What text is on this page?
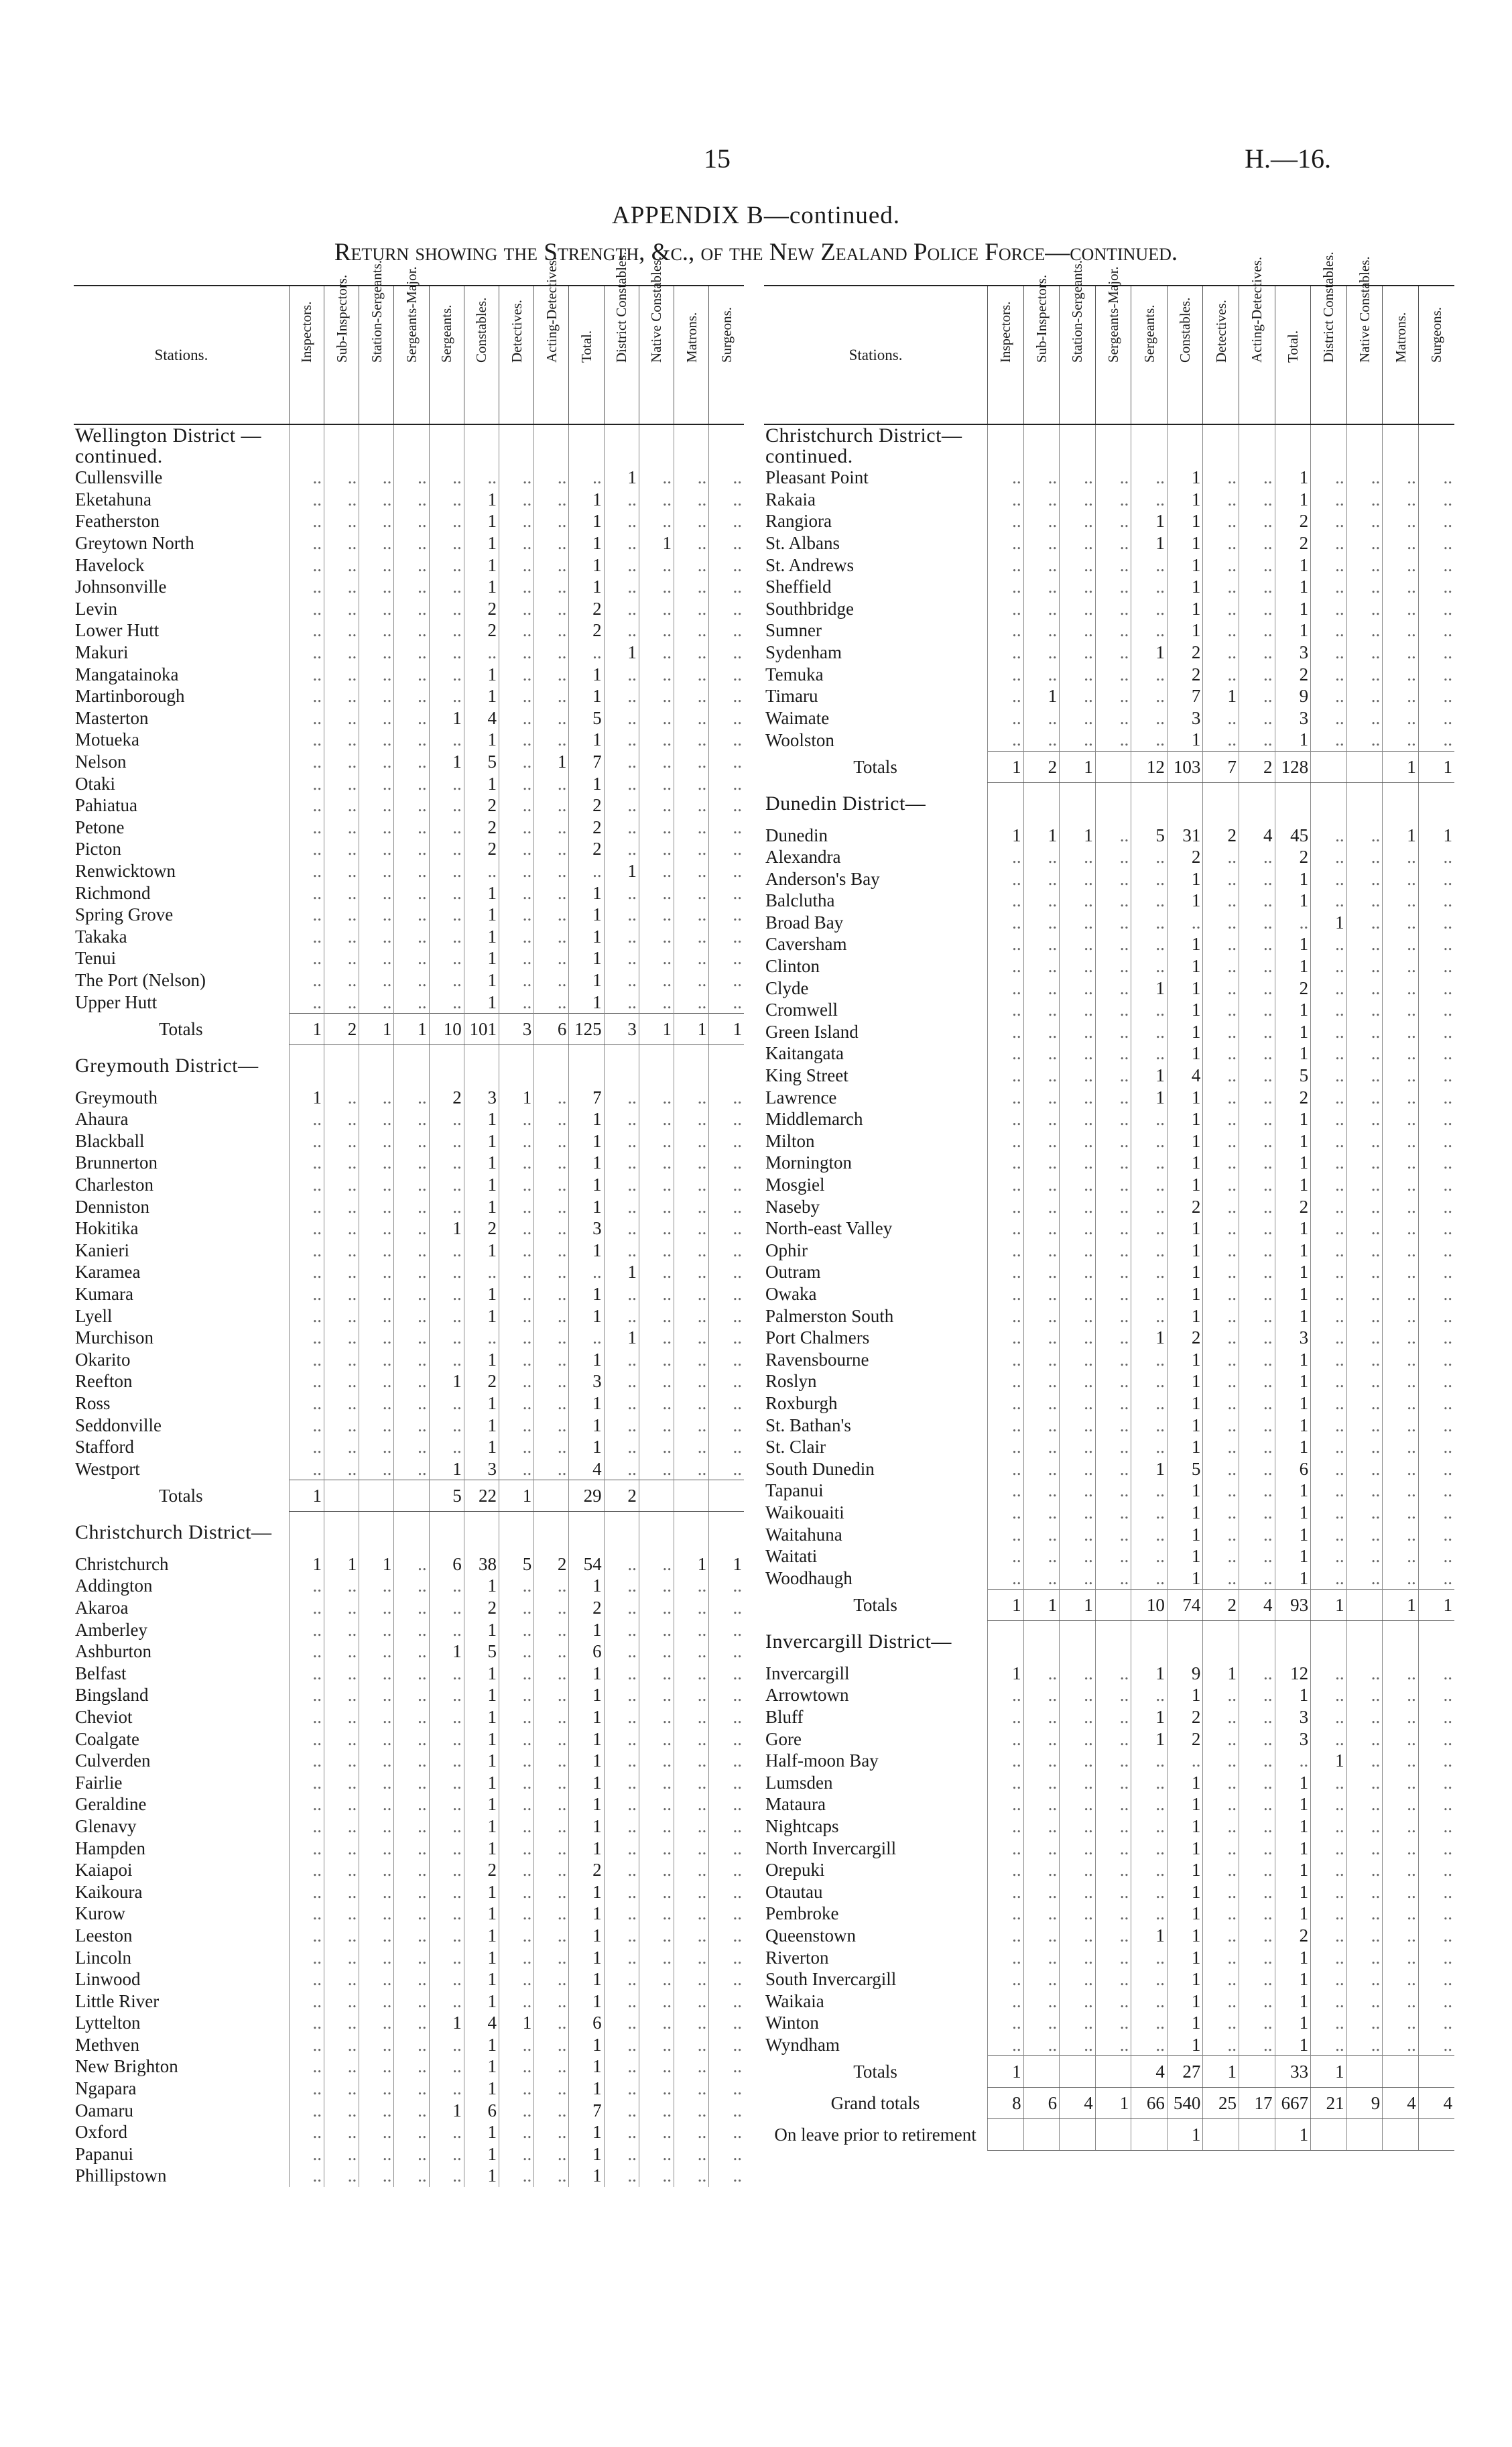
15	H.—16.
APPENDIX B—continued.
Return showing the Strength, &c., of the New Zealand Police Force—continued.
Stations.	Inspectors.	Sub-Inspectors.	Station-Sergeants.	Sergeants-Major.	Sergeants.	Constables.	Detectives.	Acting-Detectives.	Total.	District Constables.	Native Constables.	Matrons.	Surgeons.
Wellington District —continued.													
Cullensville	..	..	..	..	..	..	..	..	..	1	..	..	..
Eketahuna	..	..	..	..	..	1	..	..	1	..	..	..	..
Featherston	..	..	..	..	..	1	..	..	1	..	..	..	..
Greytown North	..	..	..	..	..	1	..	..	1	..	1	..	..
Havelock	..	..	..	..	..	1	..	..	1	..	..	..	..
Johnsonville	..	..	..	..	..	1	..	..	1	..	..	..	..
Levin	..	..	..	..	..	2	..	..	2	..	..	..	..
Lower Hutt	..	..	..	..	..	2	..	..	2	..	..	..	..
Makuri	..	..	..	..	..	..	..	..	..	1	..	..	..
Mangatainoka	..	..	..	..	..	1	..	..	1	..	..	..	..
Martinborough	..	..	..	..	..	1	..	..	1	..	..	..	..
Masterton	..	..	..	..	1	4	..	..	5	..	..	..	..
Motueka	..	..	..	..	..	1	..	..	1	..	..	..	..
Nelson	..	..	..	..	1	5	..	1	7	..	..	..	..
Otaki	..	..	..	..	..	1	..	..	1	..	..	..	..
Pahiatua	..	..	..	..	..	2	..	..	2	..	..	..	..
Petone	..	..	..	..	..	2	..	..	2	..	..	..	..
Picton	..	..	..	..	..	2	..	..	2	..	..	..	..
Renwicktown	..	..	..	..	..	..	..	..	..	1	..	..	..
Richmond	..	..	..	..	..	1	..	..	1	..	..	..	..
Spring Grove	..	..	..	..	..	1	..	..	1	..	..	..	..
Takaka	..	..	..	..	..	1	..	..	1	..	..	..	..
Tenui	..	..	..	..	..	1	..	..	1	..	..	..	..
The Port (Nelson)	..	..	..	..	..	1	..	..	1	..	..	..	..
Upper Hutt	..	..	..	..	..	1	..	..	1	..	..	..	..
Totals	1	2	1	1	10	101	3	6	125	3	1	1	1
Greymouth District—													
Greymouth	1	..	..	..	2	3	1	..	7	..	..	..	..
Ahaura	..	..	..	..	..	1	..	..	1	..	..	..	..
Blackball	..	..	..	..	..	1	..	..	1	..	..	..	..
Brunnerton	..	..	..	..	..	1	..	..	1	..	..	..	..
Charleston	..	..	..	..	..	1	..	..	1	..	..	..	..
Denniston	..	..	..	..	..	1	..	..	1	..	..	..	..
Hokitika	..	..	..	..	1	2	..	..	3	..	..	..	..
Kanieri	..	..	..	..	..	1	..	..	1	..	..	..	..
Karamea	..	..	..	..	..	..	..	..	..	1	..	..	..
Kumara	..	..	..	..	..	1	..	..	1	..	..	..	..
Lyell	..	..	..	..	..	1	..	..	1	..	..	..	..
Murchison	..	..	..	..	..	..	..	..	..	1	..	..	..
Okarito	..	..	..	..	..	1	..	..	1	..	..	..	..
Reefton	..	..	..	..	1	2	..	..	3	..	..	..	..
Ross	..	..	..	..	..	1	..	..	1	..	..	..	..
Seddonville	..	..	..	..	..	1	..	..	1	..	..	..	..
Stafford	..	..	..	..	..	1	..	..	1	..	..	..	..
Westport	..	..	..	..	1	3	..	..	4	..	..	..	..
Totals	1				5	22	1		29	2			
Christchurch District—													
Christchurch	1	1	1	..	6	38	5	2	54	..	..	1	1
Addington	..	..	..	..	..	1	..	..	1	..	..	..	..
Akaroa	..	..	..	..	..	2	..	..	2	..	..	..	..
Amberley	..	..	..	..	..	1	..	..	1	..	..	..	..
Ashburton	..	..	..	..	1	5	..	..	6	..	..	..	..
Belfast	..	..	..	..	..	1	..	..	1	..	..	..	..
Bingsland	..	..	..	..	..	1	..	..	1	..	..	..	..
Cheviot	..	..	..	..	..	1	..	..	1	..	..	..	..
Coalgate	..	..	..	..	..	1	..	..	1	..	..	..	..
Culverden	..	..	..	..	..	1	..	..	1	..	..	..	..
Fairlie	..	..	..	..	..	1	..	..	1	..	..	..	..
Geraldine	..	..	..	..	..	1	..	..	1	..	..	..	..
Glenavy	..	..	..	..	..	1	..	..	1	..	..	..	..
Hampden	..	..	..	..	..	1	..	..	1	..	..	..	..
Kaiapoi	..	..	..	..	..	2	..	..	2	..	..	..	..
Kaikoura	..	..	..	..	..	1	..	..	1	..	..	..	..
Kurow	..	..	..	..	..	1	..	..	1	..	..	..	..
Leeston	..	..	..	..	..	1	..	..	1	..	..	..	..
Lincoln	..	..	..	..	..	1	..	..	1	..	..	..	..
Linwood	..	..	..	..	..	1	..	..	1	..	..	..	..
Little River	..	..	..	..	..	1	..	..	1	..	..	..	..
Lyttelton	..	..	..	..	1	4	1	..	6	..	..	..	..
Methven	..	..	..	..	..	1	..	..	1	..	..	..	..
New Brighton	..	..	..	..	..	1	..	..	1	..	..	..	..
Ngapara	..	..	..	..	..	1	..	..	1	..	..	..	..
Oamaru	..	..	..	..	1	6	..	..	7	..	..	..	..
Oxford	..	..	..	..	..	1	..	..	1	..	..	..	..
Papanui	..	..	..	..	..	1	..	..	1	..	..	..	..
Phillipstown	..	..	..	..	..	1	..	..	1	..	..	..	..
Stations.	Inspectors.	Sub-Inspectors.	Station-Sergeants.	Sergeants-Major.	Sergeants.	Constables.	Detectives.	Acting-Detectives.	Total.	District Constables.	Native Constables.	Matrons.	Surgeons.
Christchurch District—continued.													
Pleasant Point	..	..	..	..	..	1	..	..	1	..	..	..	..
Rakaia	..	..	..	..	..	1	..	..	1	..	..	..	..
Rangiora	..	..	..	..	1	1	..	..	2	..	..	..	..
St. Albans	..	..	..	..	1	1	..	..	2	..	..	..	..
St. Andrews	..	..	..	..	..	1	..	..	1	..	..	..	..
Sheffield	..	..	..	..	..	1	..	..	1	..	..	..	..
Southbridge	..	..	..	..	..	1	..	..	1	..	..	..	..
Sumner	..	..	..	..	..	1	..	..	1	..	..	..	..
Sydenham	..	..	..	..	1	2	..	..	3	..	..	..	..
Temuka	..	..	..	..	..	2	..	..	2	..	..	..	..
Timaru	..	1	..	..	..	7	1	..	9	..	..	..	..
Waimate	..	..	..	..	..	3	..	..	3	..	..	..	..
Woolston	..	..	..	..	..	1	..	..	1	..	..	..	..
Totals	1	2	1		12	103	7	2	128			1	1
Dunedin District—													
Dunedin	1	1	1	..	5	31	2	4	45	..	..	1	1
Alexandra	..	..	..	..	..	2	..	..	2	..	..	..	..
Anderson's Bay	..	..	..	..	..	1	..	..	1	..	..	..	..
Balclutha	..	..	..	..	..	1	..	..	1	..	..	..	..
Broad Bay	..	..	..	..	..	..	..	..	..	1	..	..	..
Caversham	..	..	..	..	..	1	..	..	1	..	..	..	..
Clinton	..	..	..	..	..	1	..	..	1	..	..	..	..
Clyde	..	..	..	..	1	1	..	..	2	..	..	..	..
Cromwell	..	..	..	..	..	1	..	..	1	..	..	..	..
Green Island	..	..	..	..	..	1	..	..	1	..	..	..	..
Kaitangata	..	..	..	..	..	1	..	..	1	..	..	..	..
King Street	..	..	..	..	1	4	..	..	5	..	..	..	..
Lawrence	..	..	..	..	1	1	..	..	2	..	..	..	..
Middlemarch	..	..	..	..	..	1	..	..	1	..	..	..	..
Milton	..	..	..	..	..	1	..	..	1	..	..	..	..
Mornington	..	..	..	..	..	1	..	..	1	..	..	..	..
Mosgiel	..	..	..	..	..	1	..	..	1	..	..	..	..
Naseby	..	..	..	..	..	2	..	..	2	..	..	..	..
North-east Valley	..	..	..	..	..	1	..	..	1	..	..	..	..
Ophir	..	..	..	..	..	1	..	..	1	..	..	..	..
Outram	..	..	..	..	..	1	..	..	1	..	..	..	..
Owaka	..	..	..	..	..	1	..	..	1	..	..	..	..
Palmerston South	..	..	..	..	..	1	..	..	1	..	..	..	..
Port Chalmers	..	..	..	..	1	2	..	..	3	..	..	..	..
Ravensbourne	..	..	..	..	..	1	..	..	1	..	..	..	..
Roslyn	..	..	..	..	..	1	..	..	1	..	..	..	..
Roxburgh	..	..	..	..	..	1	..	..	1	..	..	..	..
St. Bathan's	..	..	..	..	..	1	..	..	1	..	..	..	..
St. Clair	..	..	..	..	..	1	..	..	1	..	..	..	..
South Dunedin	..	..	..	..	1	5	..	..	6	..	..	..	..
Tapanui	..	..	..	..	..	1	..	..	1	..	..	..	..
Waikouaiti	..	..	..	..	..	1	..	..	1	..	..	..	..
Waitahuna	..	..	..	..	..	1	..	..	1	..	..	..	..
Waitati	..	..	..	..	..	1	..	..	1	..	..	..	..
Woodhaugh	..	..	..	..	..	1	..	..	1	..	..	..	..
Totals	1	1	1		10	74	2	4	93	1		1	1
Invercargill District—													
Invercargill	1	..	..	..	1	9	1	..	12	..	..	..	..
Arrowtown	..	..	..	..	..	1	..	..	1	..	..	..	..
Bluff	..	..	..	..	1	2	..	..	3	..	..	..	..
Gore	..	..	..	..	1	2	..	..	3	..	..	..	..
Half-moon Bay	..	..	..	..	..	..	..	..	..	1	..	..	..
Lumsden	..	..	..	..	..	1	..	..	1	..	..	..	..
Mataura	..	..	..	..	..	1	..	..	1	..	..	..	..
Nightcaps	..	..	..	..	..	1	..	..	1	..	..	..	..
North Invercargill	..	..	..	..	..	1	..	..	1	..	..	..	..
Orepuki	..	..	..	..	..	1	..	..	1	..	..	..	..
Otautau	..	..	..	..	..	1	..	..	1	..	..	..	..
Pembroke	..	..	..	..	..	1	..	..	1	..	..	..	..
Queenstown	..	..	..	..	1	1	..	..	2	..	..	..	..
Riverton	..	..	..	..	..	1	..	..	1	..	..	..	..
South Invercargill	..	..	..	..	..	1	..	..	1	..	..	..	..
Waikaia	..	..	..	..	..	1	..	..	1	..	..	..	..
Winton	..	..	..	..	..	1	..	..	1	..	..	..	..
Wyndham	..	..	..	..	..	1	..	..	1	..	..	..	..
Totals	1				4	27	1		33	1			
Grand totals	8	6	4	1	66	540	25	17	667	21	9	4	4
On leave prior to retirement						1			1				
